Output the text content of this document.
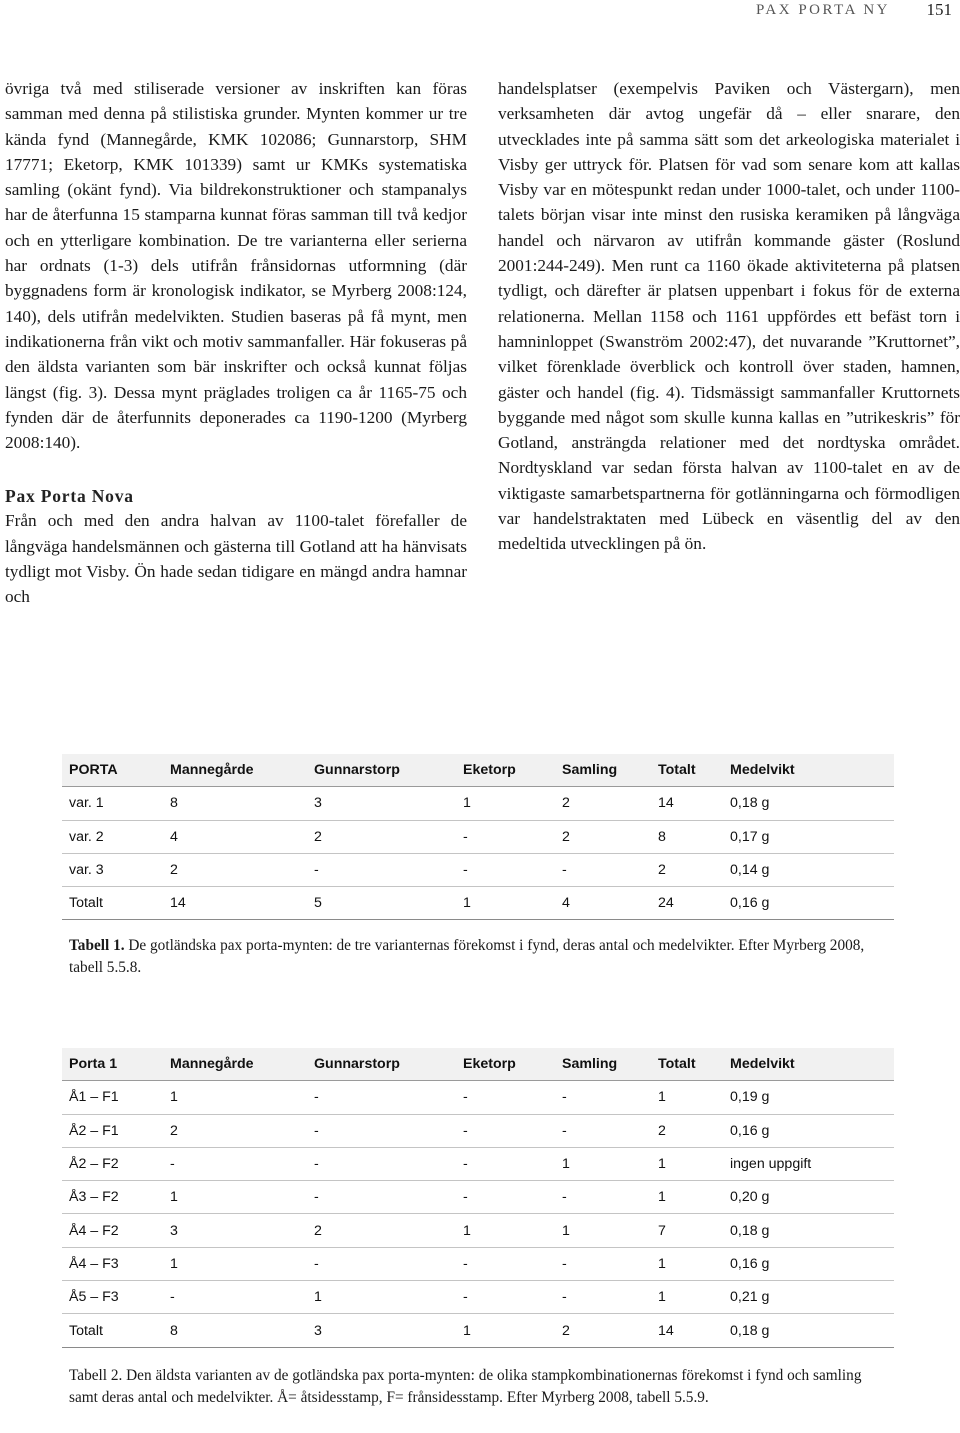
PAX PORTA NY 151

övriga två med stiliserade versioner av inskriften kan föras samman med denna på stilistiska grunder. Mynten kommer ur tre kända fynd (Mannegårde, KMK 102086; Gunnarstorp, SHM 17771; Eketorp, KMK 101339) samt ur KMKs systematiska samling (okänt fynd). Via bildrekonstruktioner och stampanalys har de återfunna 15 stamparna kunnat föras samman till två kedjor och en ytterligare kombination. De tre varianterna eller serierna har ordnats (1-3) dels utifrån frånsidornas utformning (där byggnadens form är kronologisk indikator, se Myrberg 2008:124, 140), dels utifrån medelvikten. Studien baseras på få mynt, men indikationerna från vikt och motiv sammanfaller. Här fokuseras på den äldsta varianten som bär inskrifter och också kunnat följas längst (fig. 3). Dessa mynt präglades troligen ca år 1165-75 och fynden där de återfunnits deponerades ca 1190-1200 (Myrberg 2008:140).

Pax Porta Nova

Från och med den andra halvan av 1100-talet förefaller de långväga handelsmännen och gästerna till Gotland att ha hänvisats tydligt mot Visby. Ön hade sedan tidigare en mängd andra hamnar och

handelsplatser (exempelvis Paviken och Västergarn), men verksamheten där avtog ungefär då – eller snarare, den utvecklades inte på samma sätt som det arkeologiska materialet i Visby ger uttryck för. Platsen för vad som senare kom att kallas Visby var en mötespunkt redan under 1000-talet, och under 1100-talets början visar inte minst den rusiska keramiken på långväga handel och närvaron av utifrån kommande gäster (Roslund 2001:244-249). Men runt ca 1160 ökade aktiviteterna på platsen tydligt, och därefter är platsen uppenbart i fokus för de externa relationerna. Mellan 1158 och 1161 uppfördes ett befäst torn i hamninloppet (Swanström 2002:47), det nuvarande ”Kruttornet”, vilket förenklade överblick och kontroll över staden, hamnen, gäster och handel (fig. 4). Tidsmässigt sammanfaller Kruttornets byggande med något som skulle kunna kallas en ”utrikeskris” för Gotland, ansträngda relationer med det nordtyska området. Nordtyskland var sedan första halvan av 1100-talet en av de viktigaste samarbetspartnerna för gotlänningarna och förmodligen var handelstraktaten med Lübeck en väsentlig del av den medeltida utvecklingen på ön.

PORTA	Mannegårde	Gunnarstorp	Eketorp	Samling	Totalt	Medelvikt
var. 1	8	3	1	2	14	0,18 g
var. 2	4	2	-	2	8	0,17 g
var. 3	2	-	-	-	2	0,14 g
Totalt	14	5	1	4	24	0,16 g
Tabell 1. De gotländska pax porta-mynten: de tre varianternas förekomst i fynd, deras antal och medelvikter. Efter Myrberg 2008, tabell 5.5.8.
Porta 1	Mannegårde	Gunnarstorp	Eketorp	Samling	Totalt	Medelvikt
Å1 – F1	1	-	-	-	1	0,19 g
Å2 – F1	2	-	-	-	2	0,16 g
Å2 – F2	-	-	-	1	1	ingen uppgift
Å3 – F2	1	-	-	-	1	0,20 g
Å4 – F2	3	2	1	1	7	0,18 g
Å4 – F3	1	-	-	-	1	0,16 g
Å5 – F3	-	1	-	-	1	0,21 g
Totalt	8	3	1	2	14	0,18 g
Tabell 2. Den äldsta varianten av de gotländska pax porta-mynten: de olika stampkombinationernas förekomst i fynd och samling samt deras antal och medelvikter. Å= åtsidesstamp, F= frånsidesstamp. Efter Myrberg 2008, tabell 5.5.9.
